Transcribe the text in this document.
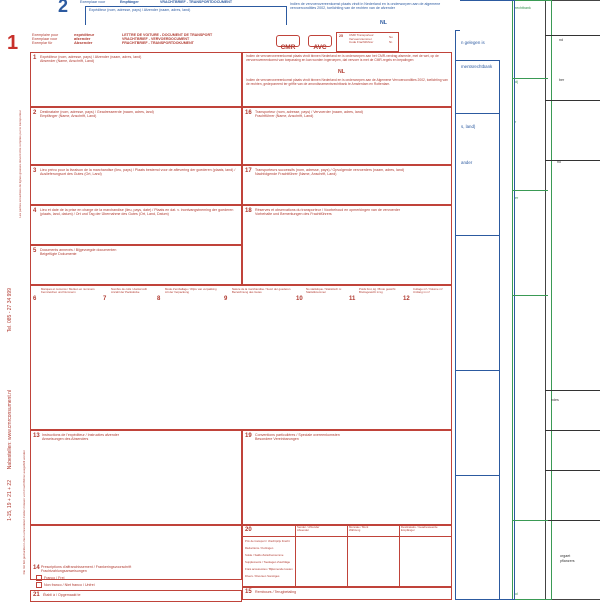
nd
ber
no
ndes
rechtbank
d)
r
er
ol
n gelegen is
mentsrechtbank
s, land)
ander
orgaet
pflanzers
2	Exemplaar voor	Empfänger	VRACHTBRIEF - TRANSPORTDOCUMENT
Expéditeur (nom, adresse, pays) / Afzender (naam, adres, land)
Indien de vervoerovereenkomst plaats vindt in Nederland en is onderworpen aan de algemene vervoercondities 2002, toelichting van de rechten van de afzender
NL
1	Exemplaire pour
Exemplaar voor
Exemplar für
expéditeur
afzender
Absender
LETTRE DE VOITURE - DOCUMENT DE TRANSPORT
VRACHTBRIEF - VERVOERDOCUMENT
FRACHTBRIEF - TRANSPORTDOKUMENT
CMR	AVC
25 CMR Transporteur
Vervoersnummer
Code Frachtführer
No
Nr.
1 Expéditeur (nom, adresse, pays) / Afzender (naam, adres, land)
Absender (Name, Anschrift, Land)
Indien de vervoerovereenkomst plaats vindt binnen Nederland en is onderworpen aan het CMR-verdrag alsmede, met de wet, op de vervoerovereenkomst van toepassing en kan worden ingeroepen, dat vervoer is met de CMR-regels en bepalingen
NL
Indien de vervoerovereenkomst plaats vindt binnen Nederland en is onderworpen aan de Algemene Vervoercondities 2002, toelichting van de rechten, gedeponeerd ter griffie van de arrondissementsrechtbank te Amsterdam en Rotterdam.
2 Destinataire (nom, adresse, pays) / Geadresseerde (naam, adres, land)
Empfänger (Name, Anschrift, Land)
16 Transporteur (nom, adresse, pays) / Vervoerder (naam, adres, land)
Frachtführer (Name, Anschrift, Land)
3 Lieu prévu pour la livraison de la marchandise (lieu, pays) / Plaats bestemd voor de aflevering der goederen (plaats, land) / Auslieferungsort des Gutes (Ort, Land)
17 Transporteurs successifs (nom, adresse, pays) / Opvolgende vervoerders (naam, adres, land)
Nachfolgende Frachtführer (Name, Anschrift, Land)
4 Lieu et date de la prise en charge de la marchandise (lieu, pays, date) / Plaats en dat. v. inontvangstneming der goederen (plaats, land, datum) / Ort und Tag der Übernahme des Gutes (Ort, Land, Datum)
18 Réserves et observations du transporteur / Voorbehoud en opmerkingen van de vervoerder
Vorbehalte und Bemerkungen des Frachtführers
5 Documents annexés / Bijgevoegde documenten
Beigefügte Dokumente
6
Marques et numéros / Merken en nummers
Kennzeichen und Nummern
7
Nombre de colis / Aantal colli
Anzahl der Packstücke
8
Mode d'emballage / Wijze van verpakking
Art der Verpackung
9
Nature de la marchandise / Soort der goederen
Bezeichnung des Gutes
10
No statistique / Statistisch nr.
Statistiknummer
11
Poids brut, kg / Bruto gewicht
Bruttogewicht in kg
12
Cubage m³ / Volume m³
Umfang in m³
13 Instructions de l'expéditeur / Instructies afzender
Anweisungen des Absenders
19 Conventions particulières / Speciale overeenkomsten
Besondere Vereinbarungen
14 Prescriptions d'affranchissement / Frankeringsvoorschrift
Frachtzahlungsanweisungen
Franco / Frei
Non franco / Niet franco / Unfrei
21 Établi à / Opgemaakt te
20	Sender / Afzender
Absender
Monnaie / Munt
Währung
Destinataire / Geadresseerde
Empfänger
Prix de transport / Vrachtprijs Fracht
Réductions / Kortingen
Solde / Saldo Zwischensumme
Suppléments / Toeslagen Zuschläge
Frais accessoires / Bijkomende kosten
Divers / Diversen Sonstiges
15 Rembours / Terugbetaling
Nabestellen: www.cmrconsument.nl
Tel. 085 - 27 34 999
1-15, 19 + 21 + 22
Les parties encadrées de lignes grasses doivent être remplies par le transporteur
Die mit fett gedruckten Linien umrandeten Felder müssen vom Frachtführer ausgefüllt werden
